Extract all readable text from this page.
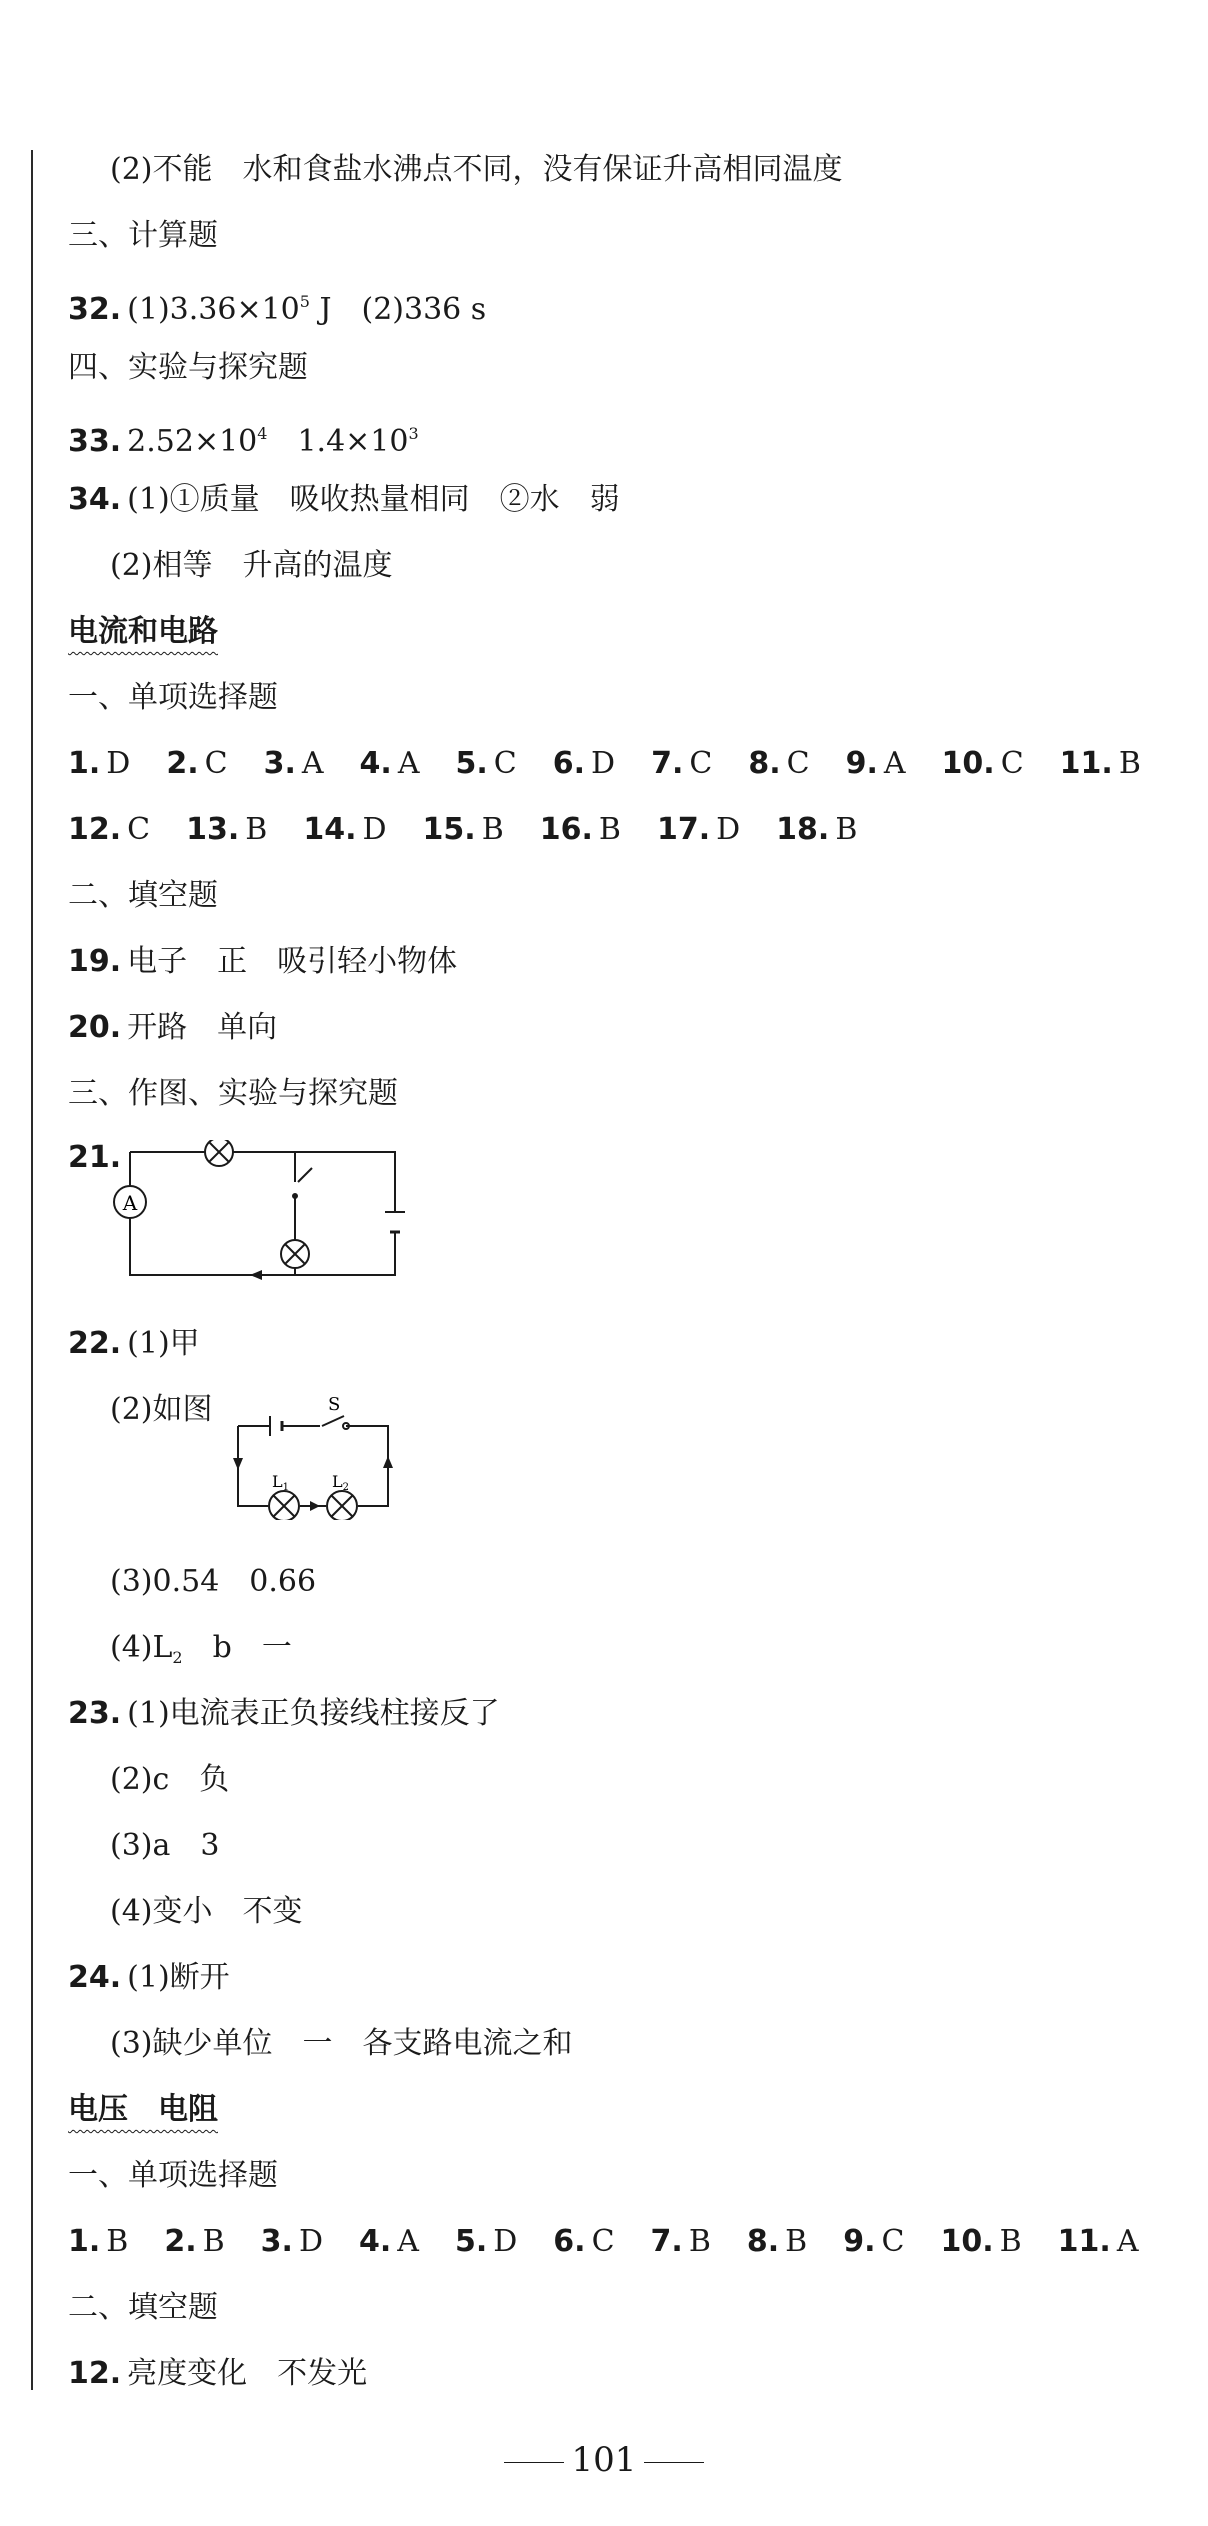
(2)不能　水和食盐水沸点不同，没有保证升高相同温度
三、计算题
32. $(1)3.36\times 10^5$ J　(2)336 s
四、实验与探究题
33. $2.52\times 10^4$　$1.4\times 10^3$
34. (1)①质量　吸收热量相同　②水　弱
(2)相等　升高的温度
电流和电路
一、单项选择题
1. D 2. C 3. A 4. A 5. C 6. D 7. C 8. C 9. A 10. C 11. B
12. C 13. B 14. D 15. B 16. B 17. D 18. B
二、填空题
19. 电子　正　吸引轻小物体
20. 开路　单向
三、作图、实验与探究题
21.
A
22. (1)甲
(2)如图	S
L1	L2
(3)0.54　0.66
$(4)L_2$　b　一
23. (1)电流表正负接线柱接反了
(2)c　负
(3)a　3
(4)变小　不变
24. (1)断开
(3)缺少单位　一　各支路电流之和
电压　电阻
一、单项选择题
1. B 2. B 3. D 4. A 5. D 6. C 7. B 8. B 9. C 10. B 11. A
二、填空题
12. 亮度变化　不发光
101
